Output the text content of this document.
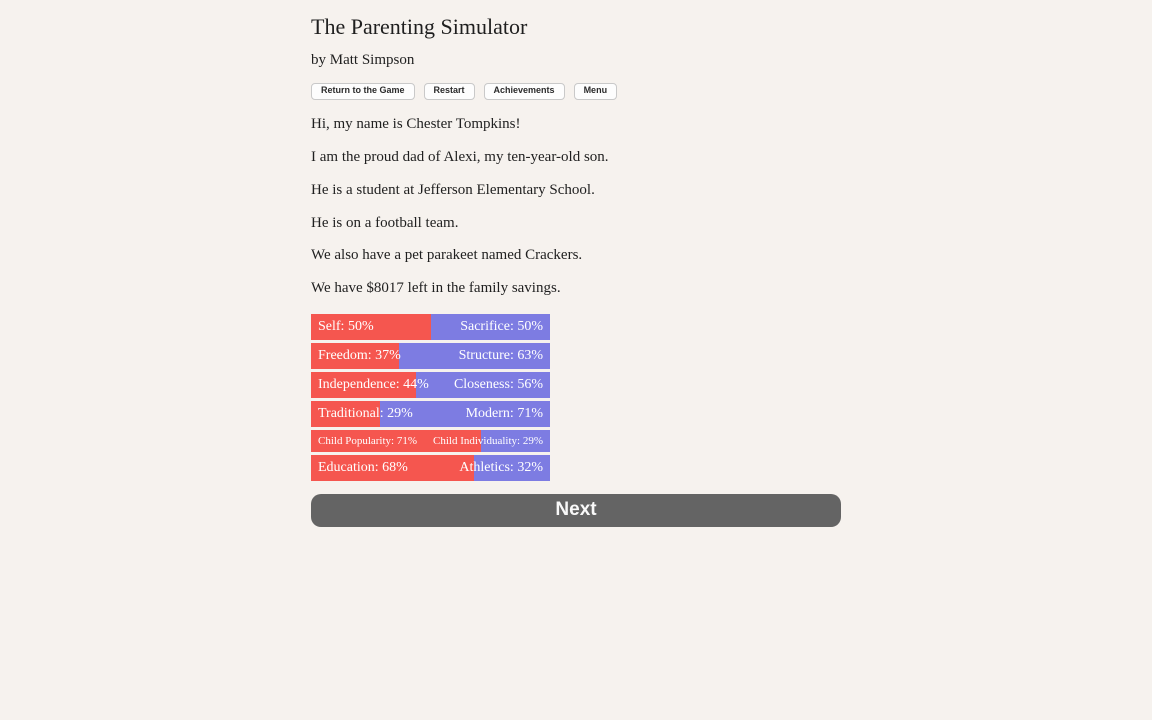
The Parenting Simulator
by Matt Simpson
Return to the Game	Restart	Achievements	Menu

Hi, my name is Chester Tompkins!

I am the proud dad of Alexi, my ten-year-old son.

He is a student at Jefferson Elementary School.

He is on a football team.

We also have a pet parakeet named Crackers.

We have $8017 left in the family savings.

Self: 50%	Sacrifice: 50%
Freedom: 37%	Structure: 63%
Independence: 44% Closeness: 56%
Traditional: 29%	Modern: 71%
Child Popularity: 71% Child Individuality: 29%
Education: 68%	Athletics: 32%
Next
